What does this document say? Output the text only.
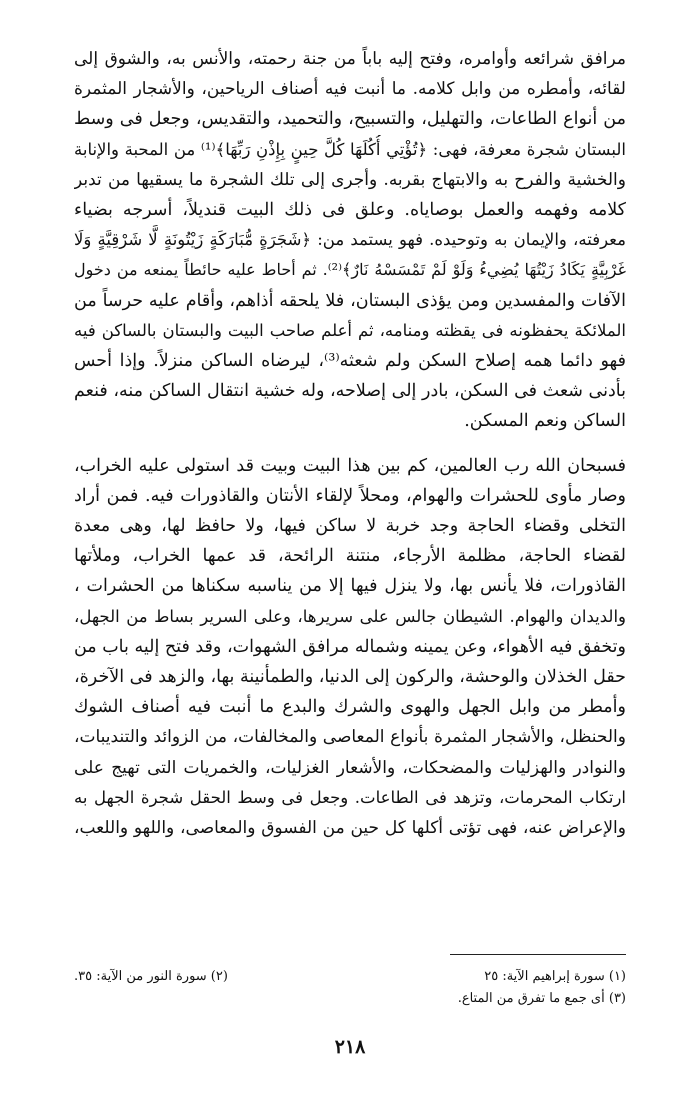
مرافق شرائعه وأوامره، وفتح إليه باباً من جنة رحمته، والأنس به، والشوق إلى
لقائه، وأمطره من وابل كلامه. ما أنبت فيه أصناف الرياحين، والأشجار المثمرة
من أنواع الطاعات، والتهليل، والتسبيح، والتحميد، والتقديس، وجعل فى وسط
البستان شجرة معرفة، فهى: ﴿تُؤْتِي أُكُلَهَا كُلَّ حِينٍ بِإِذْنِ رَبِّهَا﴾⁽¹⁾ من المحبة والإنابة
والخشية والفرح به والابتهاج بقربه. وأجرى إلى تلك الشجرة ما يسقيها من تدبر
كلامه وفهمه والعمل بوصاياه. وعلق فى ذلك البيت قنديلاً، أسرجه بضياء
معرفته، والإيمان به وتوحيده. فهو يستمد من: ﴿شَجَرَةٍ مُّبَارَكَةٍ زَيْتُونَةٍ لَّا شَرْقِيَّةٍ وَلَا
غَرْبِيَّةٍ يَكَادُ زَيْتُهَا يُضِيءُ وَلَوْ لَمْ تَمْسَسْهُ نَارٌ﴾⁽²⁾. ثم أحاط عليه حائطاً يمنعه من دخول
الآفات والمفسدين ومن يؤذى البستان، فلا يلحقه أذاهم، وأقام عليه حرساً من
الملائكة يحفظونه فى يقظته ومنامه، ثم أعلم صاحب البيت والبستان بالساكن فيه
فهو دائما همه إصلاح السكن ولم شعثه⁽³⁾، ليرضاه الساكن منزلاً. وإذا أحس
بأدنى شعث فى السكن، بادر إلى إصلاحه، وله خشية انتقال الساكن منه، فنعم
الساكن ونعم المسكن.
فسبحان الله رب العالمين، كم بين هذا البيت وبيت قد استولى عليه الخراب،
وصار مأوى للحشرات والهوام، ومحلاً لإلقاء الأنتان والقاذورات فيه. فمن أراد
التخلى وقضاء الحاجة وجد خربة لا ساكن فيها، ولا حافظ لها، وهى معدة
لقضاء الحاجة، مظلمة الأرجاء، منتنة الرائحة، قد عمها الخراب، وملأتها
القاذورات، فلا يأنس بها، ولا ينزل فيها إلا من يناسبه سكناها من الحشرات ،
والديدان والهوام. الشيطان جالس على سريرها، وعلى السرير بساط من الجهل،
وتخفق فيه الأهواء، وعن يمينه وشماله مرافق الشهوات، وقد فتح إليه باب من
حقل الخذلان والوحشة، والركون إلى الدنيا، والطمأنينة بها، والزهد فى الآخرة،
وأمطر من وابل الجهل والهوى والشرك والبدع ما أنبت فيه أصناف الشوك
والحنظل، والأشجار المثمرة بأنواع المعاصى والمخالفات، من الزوائد والتنديبات،
والنوادر والهزليات والمضحكات، والأشعار الغزليات، والخمريات التى تهيج على
ارتكاب المحرمات، وتزهد فى الطاعات. وجعل فى وسط الحقل شجرة الجهل به
والإعراض عنه، فهى تؤتى أكلها كل حين من الفسوق والمعاصى، واللهو واللعب،
(١) سورة إبراهيم الآية: ٢٥
(٢) سورة النور من الآية: ٣٥.
(٣) أى جمع ما تفرق من المتاع.
٢١٨
